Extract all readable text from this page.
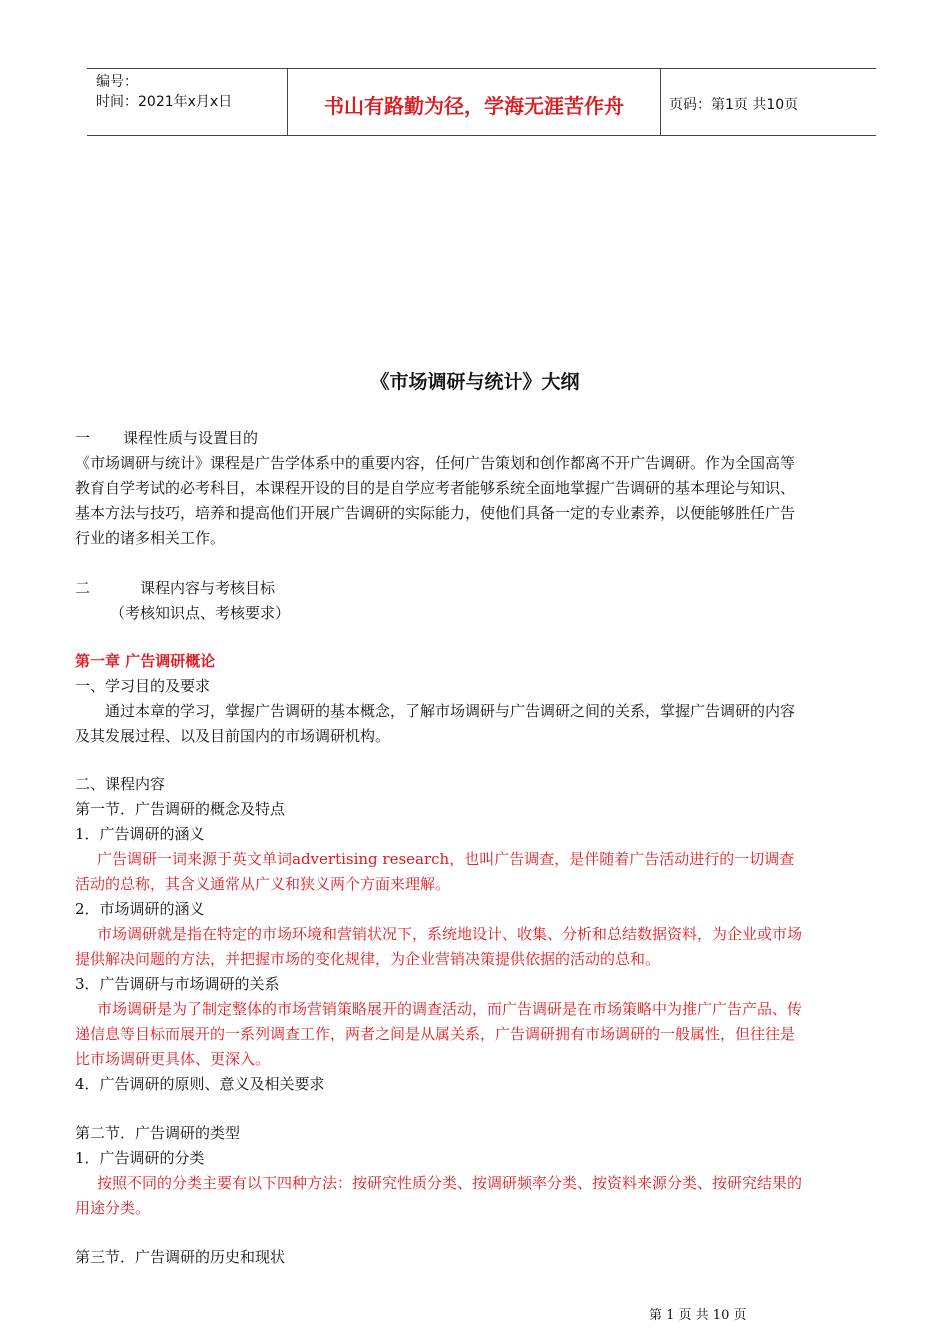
编号：
时间：2021年x月x日	书山有路勤为径，学海无涯苦作舟	页码：第1页 共10页
《市场调研与统计》大纲
一 课程性质与设置目的
《市场调研与统计》课程是广告学体系中的重要内容，任何广告策划和创作都离不开广告调研。作为全国高等
教育自学考试的必考科目，本课程开设的目的是自学应考者能够系统全面地掌握广告调研的基本理论与知识、
基本方法与技巧，培养和提高他们开展广告调研的实际能力，使他们具备一定的专业素养，以便能够胜任广告
行业的诸多相关工作。
二	课程内容与考核目标
（考核知识点、考核要求）
第一章 广告调研概论
一、学习目的及要求
通过本章的学习，掌握广告调研的基本概念，了解市场调研与广告调研之间的关系，掌握广告调研的内容
及其发展过程、以及目前国内的市场调研机构。
二、课程内容
第一节．广告调研的概念及特点
1．广告调研的涵义
广告调研一词来源于英文单词advertising research，也叫广告调查，是伴随着广告活动进行的一切调查
活动的总称，其含义通常从广义和狭义两个方面来理解。
2．市场调研的涵义
市场调研就是指在特定的市场环境和营销状况下，系统地设计、收集、分析和总结数据资料，为企业或市场
提供解决问题的方法，并把握市场的变化规律，为企业营销决策提供依据的活动的总和。
3．广告调研与市场调研的关系
市场调研是为了制定整体的市场营销策略展开的调查活动，而广告调研是在市场策略中为推广广告产品、传
递信息等目标而展开的一系列调查工作，两者之间是从属关系，广告调研拥有市场调研的一般属性，但往往是
比市场调研更具体、更深入。
4．广告调研的原则、意义及相关要求
第二节．广告调研的类型
1．广告调研的分类
按照不同的分类主要有以下四种方法：按研究性质分类、按调研频率分类、按资料来源分类、按研究结果的
用途分类。
第三节．广告调研的历史和现状
第 1 页 共 10 页
